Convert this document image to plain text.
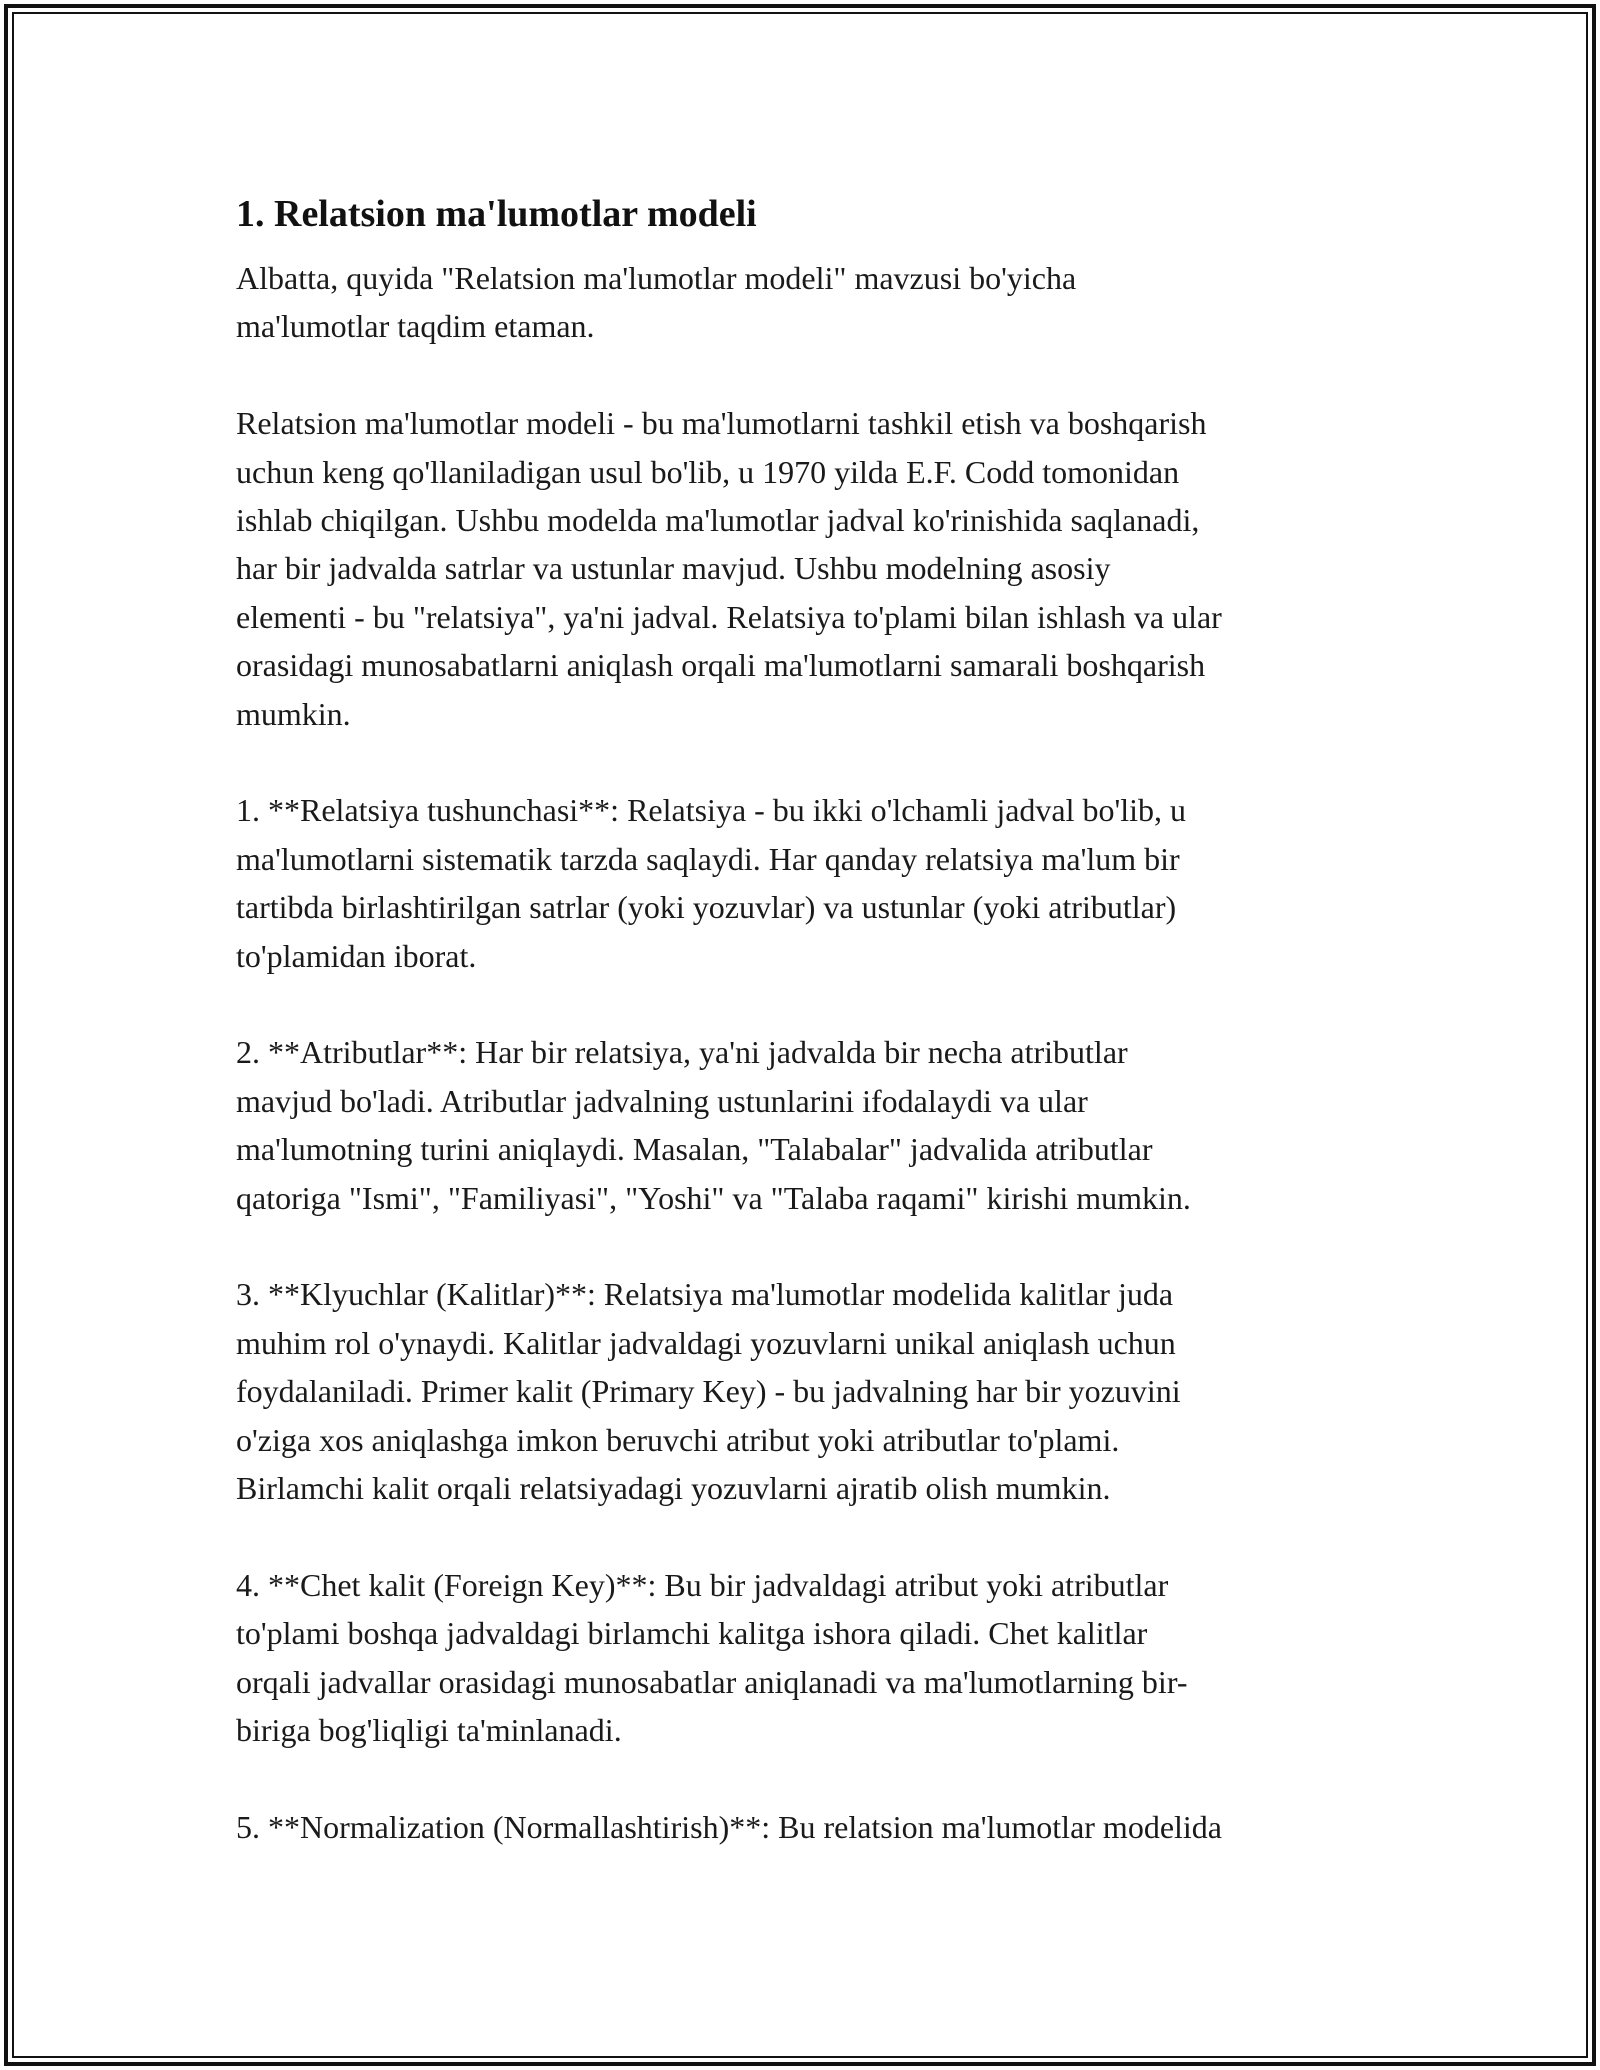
1. Relatsion ma'lumotlar modeli

Albatta, quyida "Relatsion ma'lumotlar modeli" mavzusi bo'yicha

ma'lumotlar taqdim etaman.

Relatsion ma'lumotlar modeli - bu ma'lumotlarni tashkil etish va boshqarish

uchun keng qo'llaniladigan usul bo'lib, u 1970 yilda E.F. Codd tomonidan

ishlab chiqilgan. Ushbu modelda ma'lumotlar jadval ko'rinishida saqlanadi,

har bir jadvalda satrlar va ustunlar mavjud. Ushbu modelning asosiy

elementi - bu "relatsiya", ya'ni jadval. Relatsiya to'plami bilan ishlash va ular

orasidagi munosabatlarni aniqlash orqali ma'lumotlarni samarali boshqarish

mumkin.

1. **Relatsiya tushunchasi**: Relatsiya - bu ikki o'lchamli jadval bo'lib, u

ma'lumotlarni sistematik tarzda saqlaydi. Har qanday relatsiya ma'lum bir

tartibda birlashtirilgan satrlar (yoki yozuvlar) va ustunlar (yoki atributlar)

to'plamidan iborat.

2. **Atributlar**: Har bir relatsiya, ya'ni jadvalda bir necha atributlar

mavjud bo'ladi. Atributlar jadvalning ustunlarini ifodalaydi va ular

ma'lumotning turini aniqlaydi. Masalan, "Talabalar" jadvalida atributlar

qatoriga "Ismi", "Familiyasi", "Yoshi" va "Talaba raqami" kirishi mumkin.

3. **Klyuchlar (Kalitlar)**: Relatsiya ma'lumotlar modelida kalitlar juda

muhim rol o'ynaydi. Kalitlar jadvaldagi yozuvlarni unikal aniqlash uchun

foydalaniladi. Primer kalit (Primary Key) - bu jadvalning har bir yozuvini

o'ziga xos aniqlashga imkon beruvchi atribut yoki atributlar to'plami.

Birlamchi kalit orqali relatsiyadagi yozuvlarni ajratib olish mumkin.

4. **Chet kalit (Foreign Key)**: Bu bir jadvaldagi atribut yoki atributlar

to'plami boshqa jadvaldagi birlamchi kalitga ishora qiladi. Chet kalitlar

orqali jadvallar orasidagi munosabatlar aniqlanadi va ma'lumotlarning bir-

biriga bog'liqligi ta'minlanadi.

5. **Normalization (Normallashtirish)**: Bu relatsion ma'lumotlar modelida
